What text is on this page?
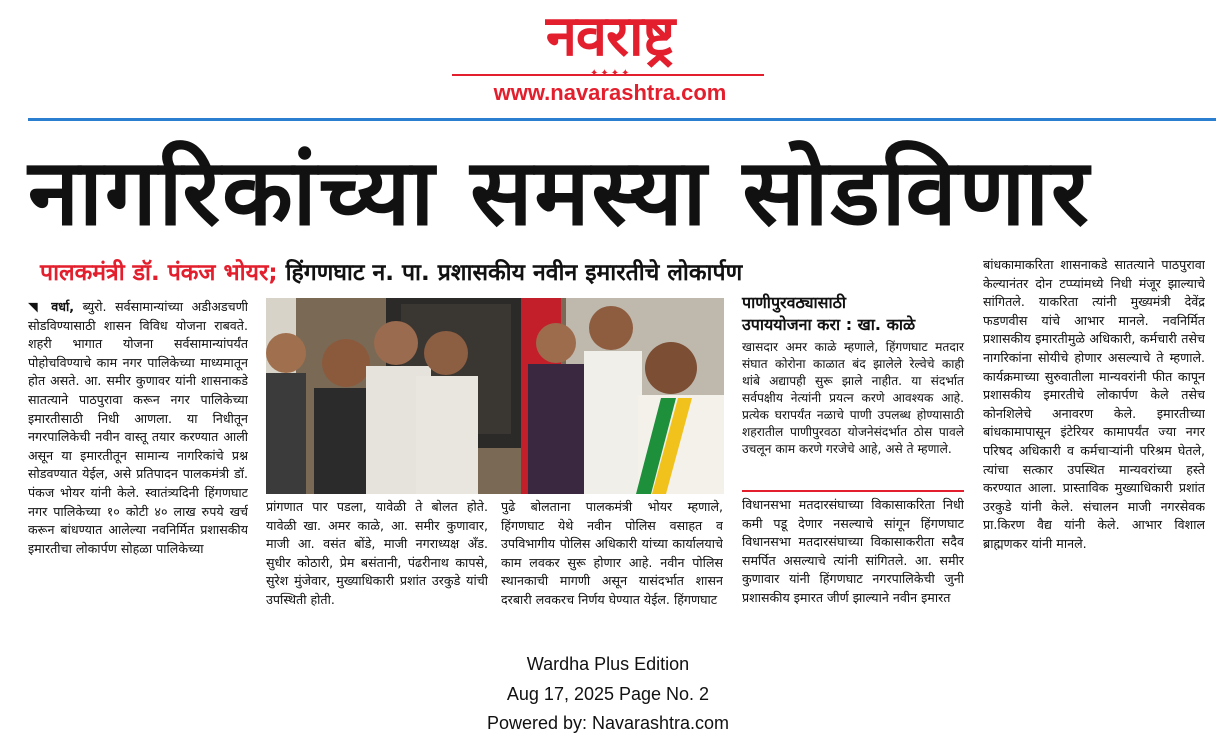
नवराष्ट्र
✦✦✦✦
www.navarashtra.com
नागरिकांच्या समस्या सोडविणार
पालकमंत्री डॉ. पंकज भोयर; हिंगणघाट न. पा. प्रशासकीय नवीन इमारतीचे लोकार्पण

◥ वर्धा, ब्युरो. सर्वसामान्यांच्या अडीअडचणी सोडविण्यासाठी शासन विविध योजना राबवते. शहरी भागात योजना सर्वसामान्यांपर्यंत पोहोचविण्याचे काम नगर पालिकेच्या माध्यमातून होत असते. आ. समीर कुणावर यांनी शासनाकडे सातत्याने पाठपुरावा करून नगर पालिकेच्या इमारतीसाठी निधी आणला. या निधीतून नगरपालिकेची नवीन वास्तू तयार करण्यात आली असून या इमारतीतून सामान्य नागरिकांचे प्रश्न सोडवण्यात येईल, असे प्रतिपादन पालकमंत्री डॉ. पंकज भोयर यांनी केले. स्वातंत्र्यदिनी हिंगणघाट नगर पालिकेच्या १० कोटी ४० लाख रुपये खर्च करून बांधण्यात आलेल्या नवनिर्मित प्रशासकीय इमारतीचा लोकार्पण सोहळा पालिकेच्या

प्रांगणात पार पडला, यावेळी ते बोलत होते. यावेळी खा. अमर काळे, आ. समीर कुणावार, माजी आ. वसंत बोंडे, माजी नगराध्यक्ष अँड. सुधीर कोठारी, प्रेम बसंतानी, पंढरीनाथ कापसे, सुरेश मुंजेवार, मुख्याधिकारी प्रशांत उरकुडे यांची उपस्थिती होती.

पुढे बोलताना पालकमंत्री भोयर म्हणाले, हिंगणघाट येथे नवीन पोलिस वसाहत व उपविभागीय पोलिस अधिकारी यांच्या कार्यालयाचे काम लवकर सुरू होणार आहे. नवीन पोलिस स्थानकाची मागणी असून यासंदर्भात शासन दरबारी लवकरच निर्णय घेण्यात येईल. हिंगणघाट

पाणीपुरवठ्यासाठी
उपाययोजना करा : खा. काळे
खासदार अमर काळे म्हणाले, हिंगणघाट मतदार संघात कोरोना काळात बंद झालेले रेल्वेचे काही थांबे अद्यापही सुरू झाले नाहीत. या संदर्भात सर्वपक्षीय नेत्यांनी प्रयत्न करणे आवश्यक आहे. प्रत्येक घरापर्यंत नळाचे पाणी उपलब्ध होण्यासाठी शहरातील पाणीपुरवठा योजनेसंदर्भात ठोस पावले उचलून काम करणे गरजेचे आहे, असे ते म्हणाले.

विधानसभा मतदारसंघाच्या विकासाकरिता निधी कमी पडू देणार नसल्याचे सांगून हिंगणघाट विधानसभा मतदारसंघाच्या विकासाकरीता सदैव समर्पित असल्याचे त्यांनी सांगितले. आ. समीर कुणावार यांनी हिंगणघाट नगरपालिकेची जुनी प्रशासकीय इमारत जीर्ण झाल्याने नवीन इमारत

बांधकामाकरिता शासनाकडे सातत्याने पाठपुरावा केल्यानंतर दोन टप्प्यांमध्ये निधी मंजूर झाल्याचे सांगितले. याकरिता त्यांनी मुख्यमंत्री देवेंद्र फडणवीस यांचे आभार मानले. नवनिर्मित प्रशासकीय इमारतीमुळे अधिकारी, कर्मचारी तसेच नागरिकांना सोयीचे होणार असल्याचे ते म्हणाले. कार्यक्रमाच्या सुरुवातीला मान्यवरांनी फीत कापून प्रशासकीय इमारतीचे लोकार्पण केले तसेच कोनशिलेचे अनावरण केले. इमारतीच्या बांधकामापासून इंटेरियर कामापर्यंत ज्या नगर परिषद अधिकारी व कर्मचाऱ्यांनी परिश्रम घेतले, त्यांचा सत्कार उपस्थित मान्यवरांच्या हस्ते करण्यात आला. प्रास्ताविक मुख्याधिकारी प्रशांत उरकुडे यांनी केले. संचालन माजी नगरसेवक प्रा.किरण वैद्य यांनी केले. आभार विशाल ब्राह्मणकर यांनी मानले.

Wardha Plus Edition
Aug 17, 2025 Page No. 2
Powered by: Navarashtra.com
